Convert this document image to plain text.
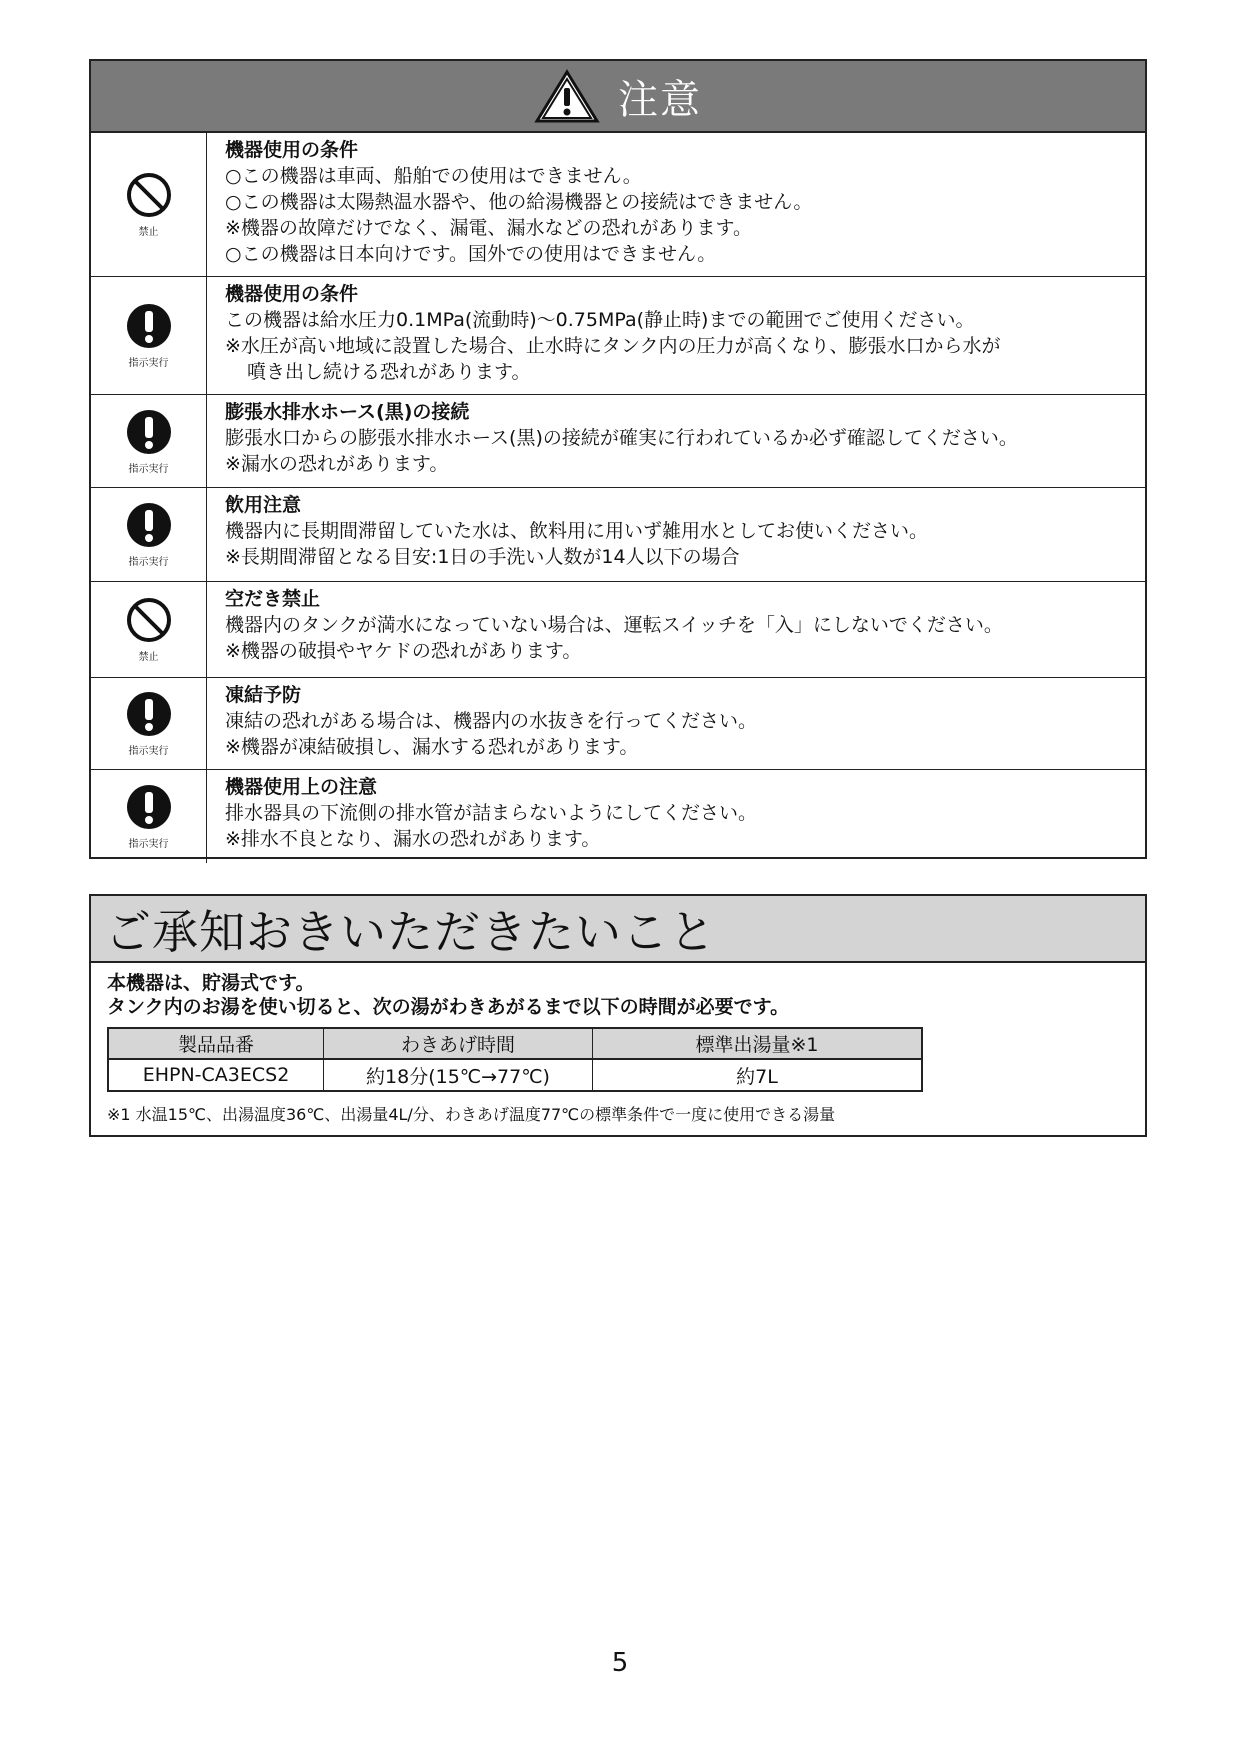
注意
禁止
機器使用の条件
○この機器は車両、船舶での使用はできません。
○この機器は太陽熱温水器や、他の給湯機器との接続はできません。
※機器の故障だけでなく、漏電、漏水などの恐れがあります。
○この機器は日本向けです。国外での使用はできません。
指示実行
機器使用の条件
この機器は給水圧力0.1MPa(流動時)〜0.75MPa(静止時)までの範囲でご使用ください。
※水圧が高い地域に設置した場合、止水時にタンク内の圧力が高くなり、膨張水口から水が
噴き出し続ける恐れがあります。
指示実行
膨張水排水ホース(黒)の接続
膨張水口からの膨張水排水ホース(黒)の接続が確実に行われているか必ず確認してください。
※漏水の恐れがあります。
指示実行
飲用注意
機器内に長期間滞留していた水は、飲料用に用いず雑用水としてお使いください。
※長期間滞留となる目安:1日の手洗い人数が14人以下の場合
禁止
空だき禁止
機器内のタンクが満水になっていない場合は、運転スイッチを「入」にしないでください。
※機器の破損やヤケドの恐れがあります。
指示実行
凍結予防
凍結の恐れがある場合は、機器内の水抜きを行ってください。
※機器が凍結破損し、漏水する恐れがあります。
指示実行
機器使用上の注意
排水器具の下流側の排水管が詰まらないようにしてください。
※排水不良となり、漏水の恐れがあります。
ご承知おきいただきたいこと
本機器は、貯湯式です。
タンク内のお湯を使い切ると、次の湯がわきあがるまで以下の時間が必要です。
製品品番	わきあげ時間	標準出湯量※1
EHPN-CA3ECS2	約18分(15℃→77℃)	約7L
※1 水温15℃、出湯温度36℃、出湯量4L/分、わきあげ温度77℃の標準条件で一度に使用できる湯量
5
